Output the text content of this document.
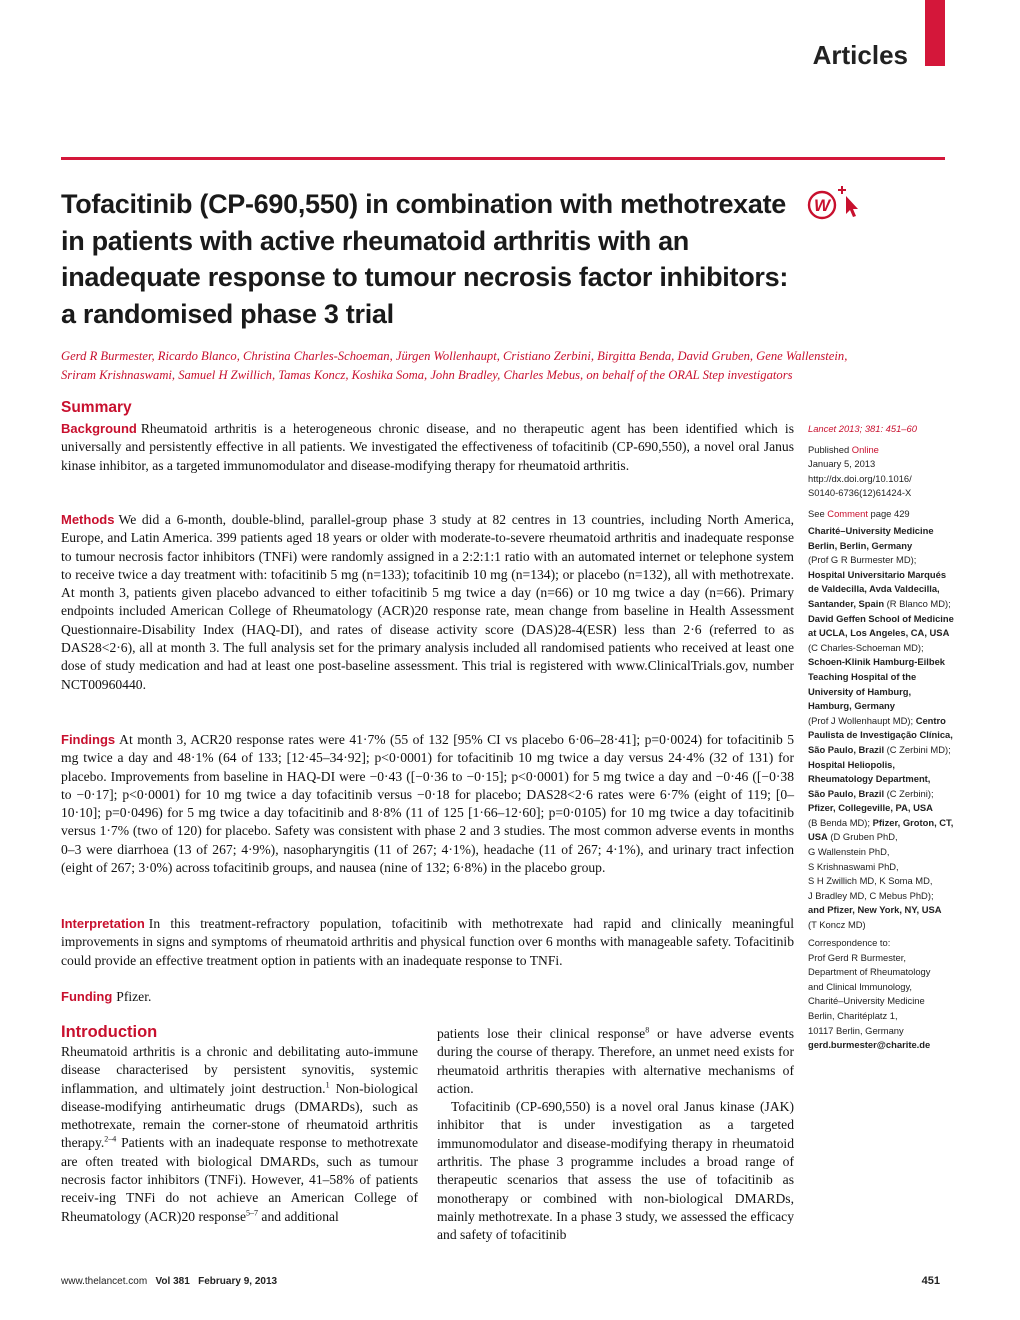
Articles
Tofacitinib (CP-690,550) in combination with methotrexate
in patients with active rheumatoid arthritis with an
inadequate response to tumour necrosis factor inhibitors:
a randomised phase 3 trial
W
Gerd R Burmester, Ricardo Blanco, Christina Charles-Schoeman, Jürgen Wollenhaupt, Cristiano Zerbini, Birgitta Benda, David Gruben, Gene Wallenstein,
Sriram Krishnaswami, Samuel H Zwillich, Tamas Koncz, Koshika Soma, John Bradley, Charles Mebus, on behalf of the ORAL Step investigators
Summary
Background Rheumatoid arthritis is a heterogeneous chronic disease, and no therapeutic agent has been identified which is universally and persistently effective in all patients. We investigated the effectiveness of tofacitinib (CP-690,550), a novel oral Janus kinase inhibitor, as a targeted immunomodulator and disease-modifying therapy for rheumatoid arthritis.
Methods We did a 6-month, double-blind, parallel-group phase 3 study at 82 centres in 13 countries, including North America, Europe, and Latin America. 399 patients aged 18 years or older with moderate-to-severe rheumatoid arthritis and inadequate response to tumour necrosis factor inhibitors (TNFi) were randomly assigned in a 2:2:1:1 ratio with an automated internet or telephone system to receive twice a day treatment with: tofacitinib 5 mg (n=133); tofacitinib 10 mg (n=134); or placebo (n=132), all with methotrexate. At month 3, patients given placebo advanced to either tofacitinib 5 mg twice a day (n=66) or 10 mg twice a day (n=66). Primary endpoints included American College of Rheumatology (ACR)20 response rate, mean change from baseline in Health Assessment Questionnaire-Disability Index (HAQ-DI), and rates of disease activity score (DAS)28-4(ESR) less than 2·6 (referred to as DAS28<2·6), all at month 3. The full analysis set for the primary analysis included all randomised patients who received at least one dose of study medication and had at least one post-baseline assessment. This trial is registered with www.ClinicalTrials.gov, number NCT00960440.
Findings At month 3, ACR20 response rates were 41·7% (55 of 132 [95% CI vs placebo 6·06–28·41]; p=0·0024) for tofacitinib 5 mg twice a day and 48·1% (64 of 133; [12·45–34·92]; p<0·0001) for tofacitinib 10 mg twice a day versus 24·4% (32 of 131) for placebo. Improvements from baseline in HAQ-DI were −0·43 ([−0·36 to −0·15]; p<0·0001) for 5 mg twice a day and −0·46 ([−0·38 to −0·17]; p<0·0001) for 10 mg twice a day tofacitinib versus −0·18 for placebo; DAS28<2·6 rates were 6·7% (eight of 119; [0–10·10]; p=0·0496) for 5 mg twice a day tofacitinib and 8·8% (11 of 125 [1·66–12·60]; p=0·0105) for 10 mg twice a day tofacitinib versus 1·7% (two of 120) for placebo. Safety was consistent with phase 2 and 3 studies. The most common adverse events in months 0–3 were diarrhoea (13 of 267; 4·9%), nasopharyngitis (11 of 267; 4·1%), headache (11 of 267; 4·1%), and urinary tract infection (eight of 267; 3·0%) across tofacitinib groups, and nausea (nine of 132; 6·8%) in the placebo group.
Interpretation In this treatment-refractory population, tofacitinib with methotrexate had rapid and clinically meaningful improvements in signs and symptoms of rheumatoid arthritis and physical function over 6 months with manageable safety. Tofacitinib could provide an effective treatment option in patients with an inadequate response to TNFi.
Funding Pfizer.
Introduction

Rheumatoid arthritis is a chronic and debilitating auto-immune disease characterised by persistent synovitis, systemic inflammation, and ultimately joint destruction.$^1$ Non-biological disease-modifying antirheumatic drugs (DMARDs), such as methotrexate, remain the corner-stone of rheumatoid arthritis therapy.$^{2-4}$ Patients with an inadequate response to methotrexate are often treated with biological DMARDs, such as tumour necrosis factor inhibitors (TNFi). However, 41–58% of patients receiv-ing TNFi do not achieve an American College of Rheumatology (ACR)20 response$^{5-7}$ and additional

patients lose their clinical response$^8$ or have adverse events during the course of therapy. Therefore, an unmet need exists for rheumatoid arthritis therapies with alternative mechanisms of action.

Tofacitinib (CP-690,550) is a novel oral Janus kinase (JAK) inhibitor that is under investigation as a targeted immunomodulator and disease-modifying therapy in rheumatoid arthritis. The phase 3 programme includes a broad range of therapeutic scenarios that assess the use of tofacitinib as monotherapy or combined with non-biological DMARDs, mainly methotrexate. In a phase 3 study, we assessed the efficacy and safety of tofacitinib

Lancet 2013; 381: 451–60
Published Online
January 5, 2013
http://dx.doi.org/10.1016/
S0140-6736(12)61424-X
See Comment page 429
Charité–University Medicine
Berlin, Berlin, Germany
(Prof G R Burmester MD);
Hospital Universitario Marqués
de Valdecilla, Avda Valdecilla,
Santander, Spain (R Blanco MD);
David Geffen School of Medicine
at UCLA, Los Angeles, CA, USA
(C Charles-Schoeman MD);
Schoen-Klinik Hamburg-Eilbek
Teaching Hospital of the
University of Hamburg,
Hamburg, Germany
(Prof J Wollenhaupt MD); Centro
Paulista de Investigação Clínica,
São Paulo, Brazil (C Zerbini MD);
Hospital Heliopolis,
Rheumatology Department,
São Paulo, Brazil (C Zerbini);
Pfizer, Collegeville, PA, USA
(B Benda MD); Pfizer, Groton, CT,
USA (D Gruben PhD,
G Wallenstein PhD,
S Krishnaswami PhD,
S H Zwillich MD, K Soma MD,
J Bradley MD, C Mebus PhD);
and Pfizer, New York, NY, USA
(T Koncz MD)
Correspondence to:
Prof Gerd R Burmester,
Department of Rheumatology
and Clinical Immunology,
Charité–University Medicine
Berlin, Charitéplatz 1,
10117 Berlin, Germany
gerd.burmester@charite.de
www.thelancet.com Vol 381 February 9, 2013	451
